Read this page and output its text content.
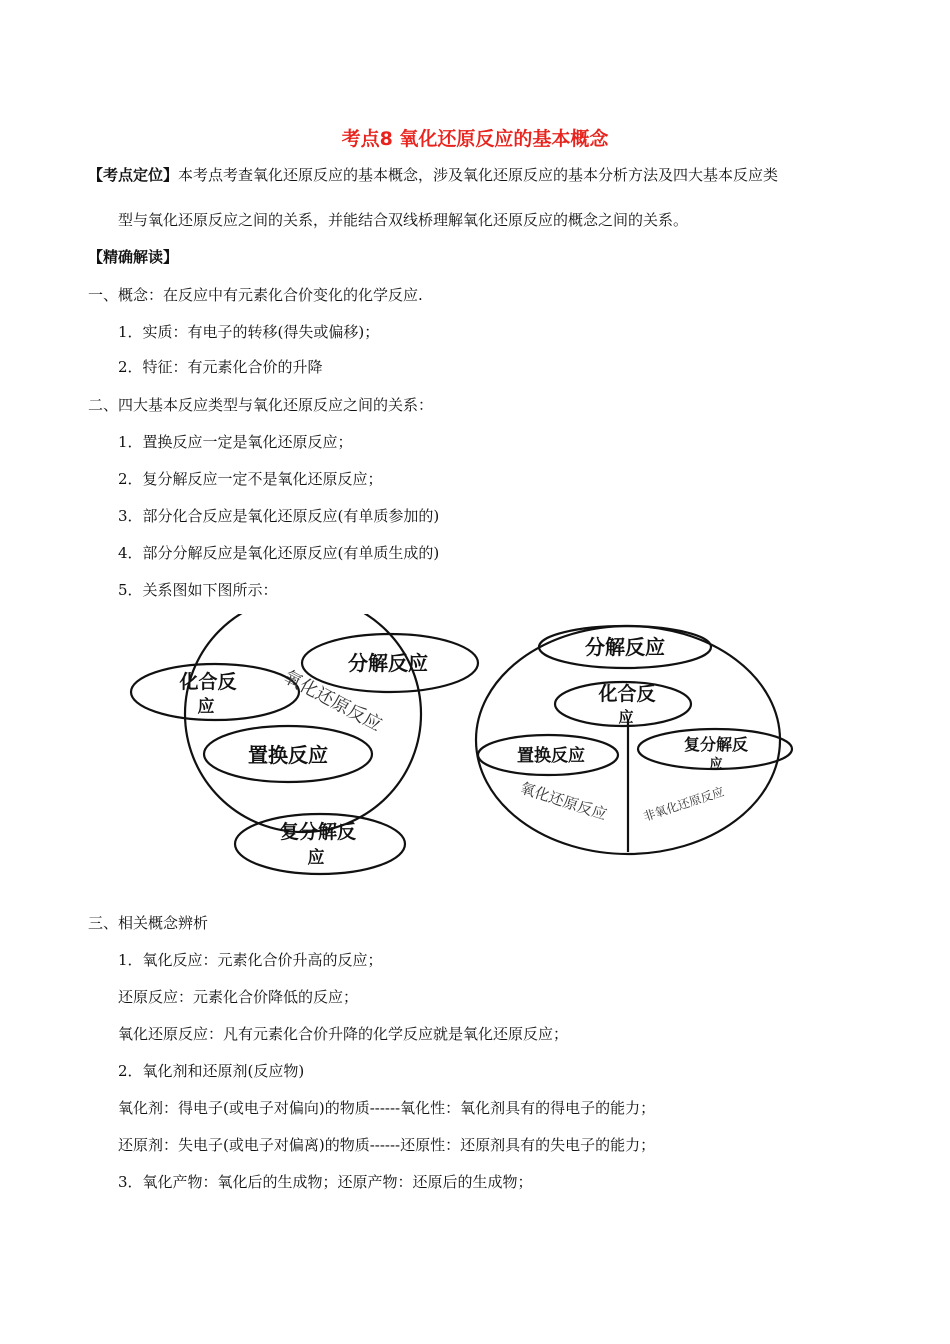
考点8 氧化还原反应的基本概念
【考点定位】本考点考查氧化还原反应的基本概念，涉及氧化还原反应的基本分析方法及四大基本反应类
型与氧化还原反应之间的关系，并能结合双线桥理解氧化还原反应的概念之间的关系。
【精确解读】
一、概念：在反应中有元素化合价变化的化学反应.
1．实质：有电子的转移(得失或偏移)；
2．特征：有元素化合价的升降
二、四大基本反应类型与氧化还原反应之间的关系：
1．置换反应一定是氧化还原反应；
2．复分解反应一定不是氧化还原反应；
3．部分化合反应是氧化还原反应(有单质参加的)
4．部分分解反应是氧化还原反应(有单质生成的)
5．关系图如下图所示：
化合反
应
分解反应
氧化还原反应
置换反应
复分解反
应
分解反应
化合反
应
置换反应
复分解反
应
氧化还原反应	非氧化还原反应
三、相关概念辨析
1．氧化反应：元素化合价升高的反应；
还原反应：元素化合价降低的反应；
氧化还原反应：凡有元素化合价升降的化学反应就是氧化还原反应；
2．氧化剂和还原剂(反应物)
氧化剂：得电子(或电子对偏向)的物质------氧化性：氧化剂具有的得电子的能力；
还原剂：失电子(或电子对偏离)的物质------还原性：还原剂具有的失电子的能力；
3．氧化产物：氧化后的生成物；还原产物：还原后的生成物；
